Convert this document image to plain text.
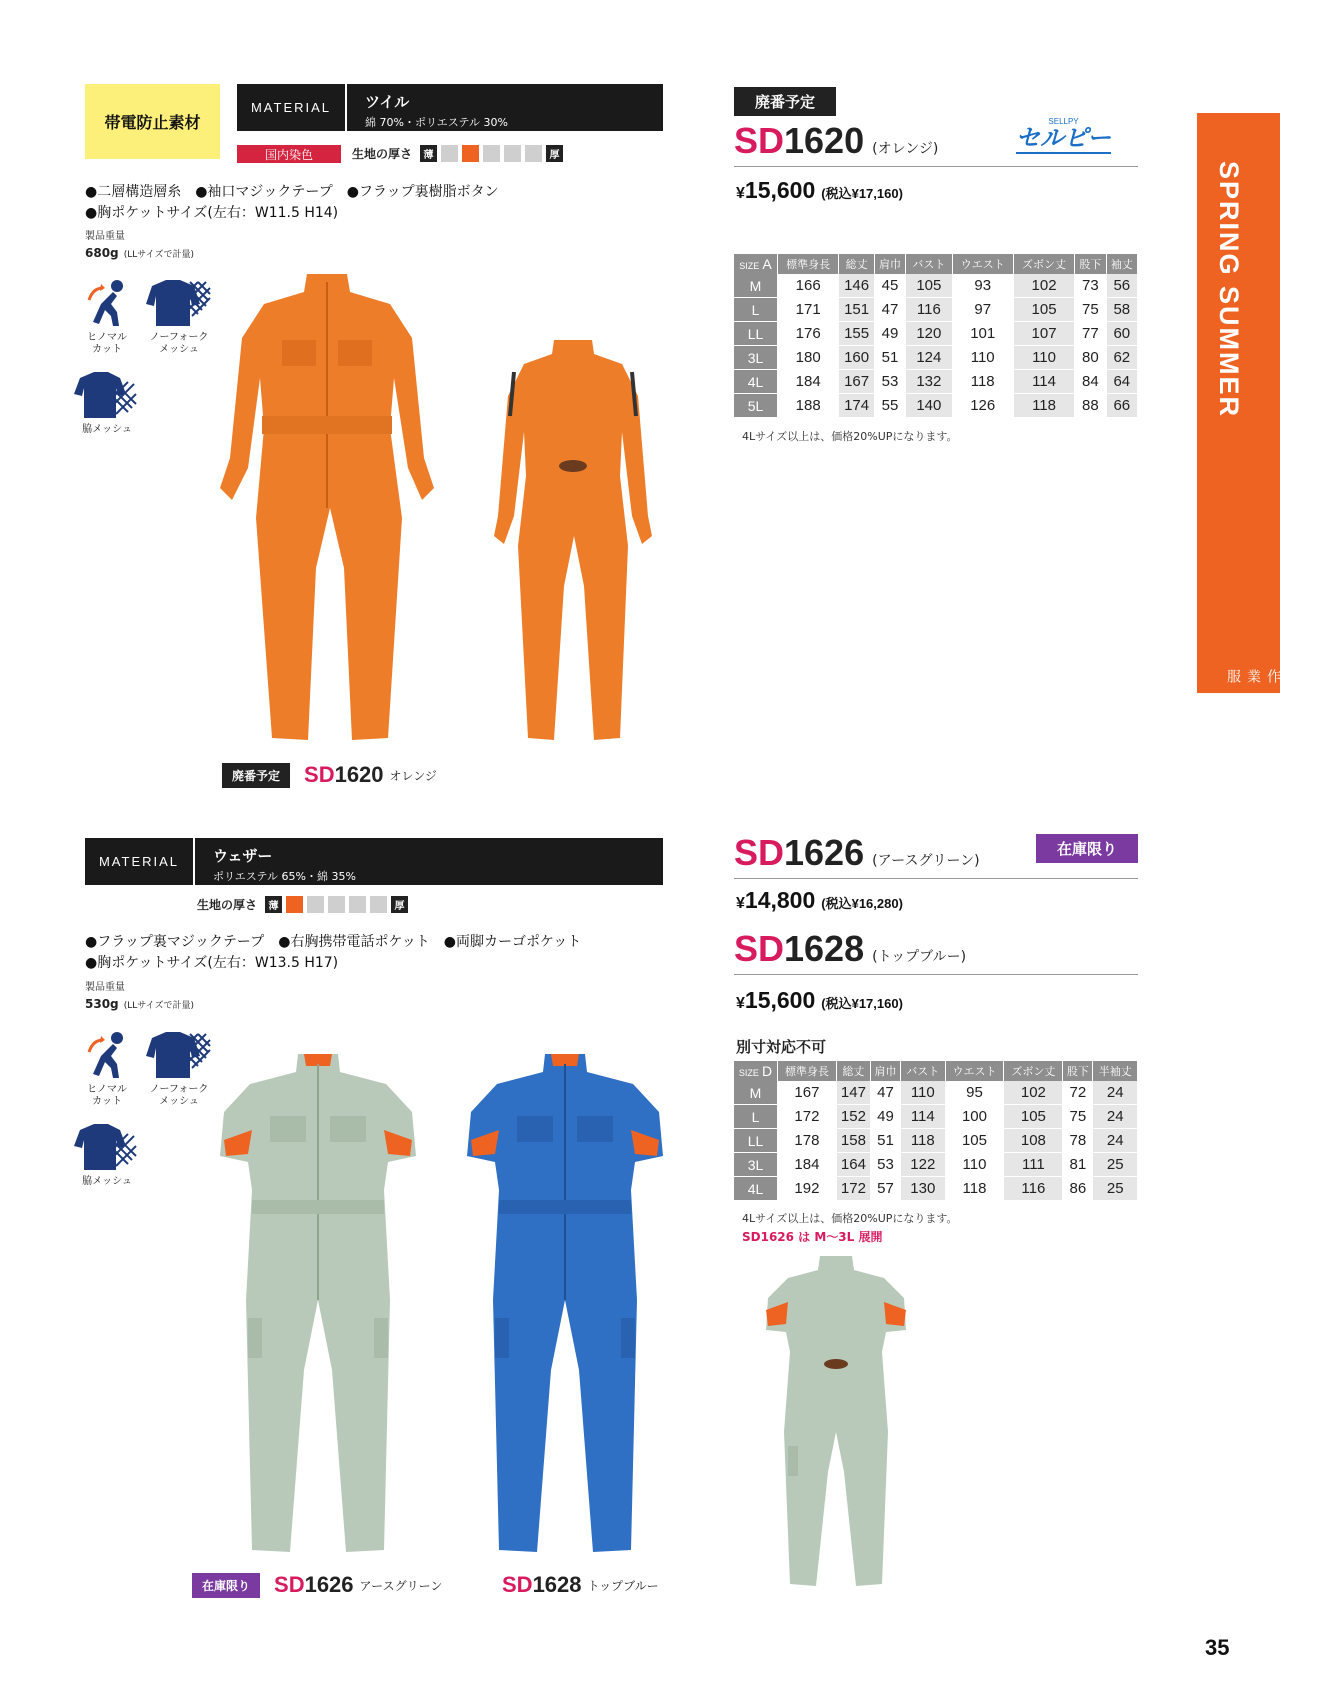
SPRING SUMMER
春夏作業服
帯電防止素材
MATERIAL	ツイル
綿 70%・ポリエステル 30%
国内染色	生地の厚さ	薄	厚
●二層構造層糸　●袖口マジックテープ　●フラップ裏樹脂ボタン
●胸ポケットサイズ(左右：W11.5 H14)
製品重量
680g (LLサイズで計量)
ヒノマル
カット
ノーフォーク
メッシュ
脇メッシュ
廃番予定	SD 1620 オレンジ
廃番予定
SD 1620 (オレンジ)
SELLPY
セルピー
¥15,600 (税込¥17,160)
SIZE A	標準身長	総丈	肩巾	バスト	ウエスト	ズボン丈	股下	袖丈
M	166	146	45	105	93	102	73	56
L	171	151	47	116	97	105	75	58
LL	176	155	49	120	101	107	77	60
3L	180	160	51	124	110	110	80	62
4L	184	167	53	132	118	114	84	64
5L	188	174	55	140	126	118	88	66
4Lサイズ以上は、価格20%UPになります。
MATERIAL	ウェザー
ポリエステル 65%・綿 35%
生地の厚さ	薄	厚
●フラップ裏マジックテープ　●右胸携帯電話ポケット　●両脚カーゴポケット
●胸ポケットサイズ(左右：W13.5 H17)
製品重量
530g (LLサイズで計量)
ヒノマル
カット
ノーフォーク
メッシュ
脇メッシュ
在庫限り	SD 1626 アースグリーン	SD 1628 トップブルー
SD 1626 (アースグリーン)
在庫限り
¥14,800 (税込¥16,280)
SD 1628 (トップブルー)
¥15,600 (税込¥17,160)
別寸対応不可
SIZE D	標準身長	総丈	肩巾	バスト	ウエスト	ズボン丈	股下	半袖丈
M	167	147	47	110	95	102	72	24
L	172	152	49	114	100	105	75	24
LL	178	158	51	118	105	108	78	24
3L	184	164	53	122	110	111	81	25
4L	192	172	57	130	118	116	86	25
4Lサイズ以上は、価格20%UPになります。
SD1626 は M〜3L 展開
35
